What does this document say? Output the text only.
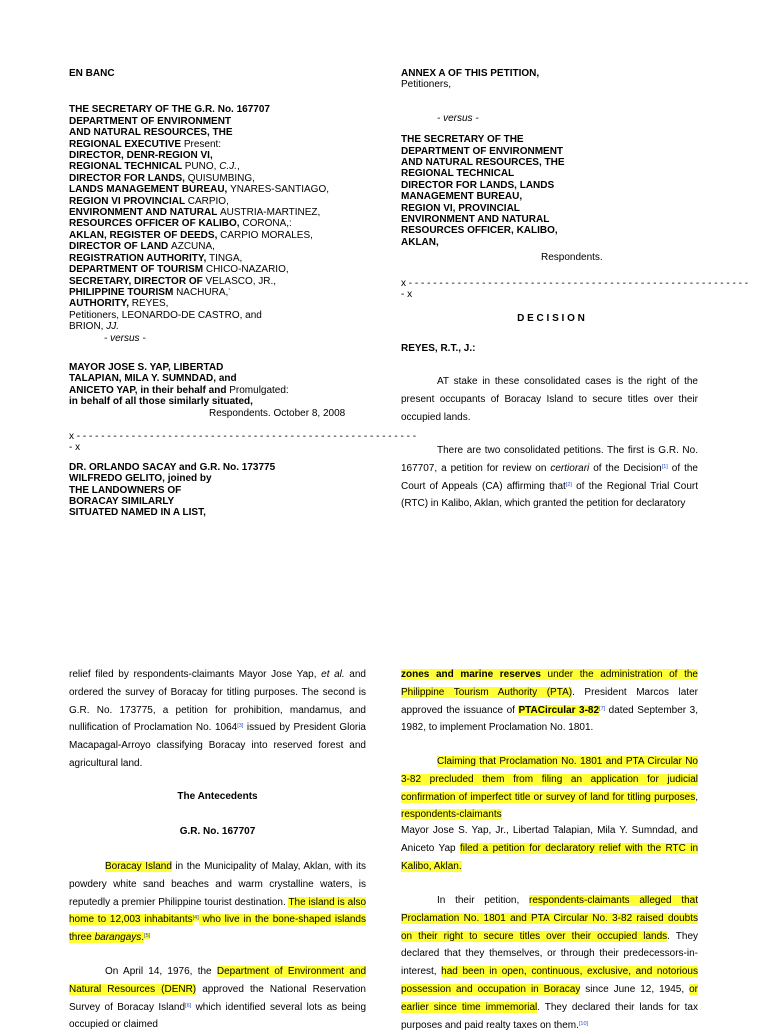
EN BANC
THE SECRETARY OF THE G.R. No. 167707
DEPARTMENT OF ENVIRONMENT
AND NATURAL RESOURCES, THE
REGIONAL EXECUTIVE Present:
DIRECTOR, DENR-REGION VI,
REGIONAL TECHNICAL PUNO, C.J.,
DIRECTOR FOR LANDS, QUISUMBING,
LANDS MANAGEMENT BUREAU, YNARES-SANTIAGO,
REGION VI PROVINCIAL CARPIO,
ENVIRONMENT AND NATURAL AUSTRIA-MARTINEZ,
RESOURCES OFFICER OF KALIBO, CORONA,:
AKLAN, REGISTER OF DEEDS, CARPIO MORALES,
DIRECTOR OF LAND AZCUNA,
REGISTRATION AUTHORITY, TINGA,
DEPARTMENT OF TOURISM CHICO-NAZARIO,
SECRETARY, DIRECTOR OF VELASCO, JR.,
PHILIPPINE TOURISM NACHURA,*
AUTHORITY, REYES,
Petitioners, LEONARDO-DE CASTRO, and
BRION, JJ.
- versus -
MAYOR JOSE S. YAP, LIBERTAD
TALAPIAN, MILA Y. SUMNDAD, and
ANICETO YAP, in their behalf and Promulgated:
in behalf of all those similarly situated,
Respondents. October 8, 2008
x - - - - - - - - - - - - - - - - - - - - - - - - - - - - - - - - - - - - - - - - - - - - - - - - - - - - - - - -
- x
DR. ORLANDO SACAY and G.R. No. 173775
WILFREDO GELITO, joined by
THE LANDOWNERS OF
BORACAY SIMILARLY
SITUATED NAMED IN A LIST,
ANNEX A OF THIS PETITION,
Petitioners,
- versus -
THE SECRETARY OF THE
DEPARTMENT OF ENVIRONMENT
AND NATURAL RESOURCES, THE
REGIONAL TECHNICAL
DIRECTOR FOR LANDS, LANDS
MANAGEMENT BUREAU,
REGION VI, PROVINCIAL
ENVIRONMENT AND NATURAL
RESOURCES OFFICER, KALIBO,
AKLAN,
Respondents.
x - - - - - - - - - - - - - - - - - - - - - - - - - - - - - - - - - - - - - - - - - - - - - - - - - - - - - - - -
- x
D E C I S I O N
REYES, R.T., J.:
AT stake in these consolidated cases is the right of the present occupants of Boracay Island to secure titles over their occupied lands.
There are two consolidated petitions. The first is G.R. No. 167707, a petition for review on certiorari of the Decision[1] of the Court of Appeals (CA) affirming that[2] of the Regional Trial Court (RTC) in Kalibo, Aklan, which granted the petition for declaratory
relief filed by respondents-claimants Mayor Jose Yap, et al. and ordered the survey of Boracay for titling purposes. The second is G.R. No. 173775, a petition for prohibition, mandamus, and nullification of Proclamation No. 1064[3] issued by President Gloria Macapagal-Arroyo classifying Boracay into reserved forest and agricultural land.
The Antecedents
G.R. No. 167707
Boracay Island in the Municipality of Malay, Aklan, with its powdery white sand beaches and warm crystalline waters, is reputedly a premier Philippine tourist destination. The island is also home to 12,003 inhabitants[4] who live in the bone-shaped islands three barangays.[5]
On April 14, 1976, the Department of Environment and Natural Resources (DENR) approved the National Reservation Survey of Boracay Island[6] which identified several lots as being occupied or claimed
zones and marine reserves under the administration of the Philippine Tourism Authority (PTA). President Marcos later approved the issuance of PTACircular 3-82[7] dated September 3, 1982, to implement Proclamation No. 1801.
Claiming that Proclamation No. 1801 and PTA Circular No 3-82 precluded them from filing an application for judicial confirmation of imperfect title or survey of land for titling purposes, respondents-claimants
Mayor Jose S. Yap, Jr., Libertad Talapian, Mila Y. Sumndad, and Aniceto Yap filed a petition for declaratory relief with the RTC in Kalibo, Aklan.
In their petition, respondents-claimants alleged that Proclamation No. 1801 and PTA Circular No. 3-82 raised doubts on their right to secure titles over their occupied lands. They declared that they themselves, or through their predecessors-in-interest, had been in open, continuous, exclusive, and notorious possession and occupation in Boracay since June 12, 1945, or earlier since time immemorial. They declared their lands for tax purposes and paid realty taxes on them.[10]
